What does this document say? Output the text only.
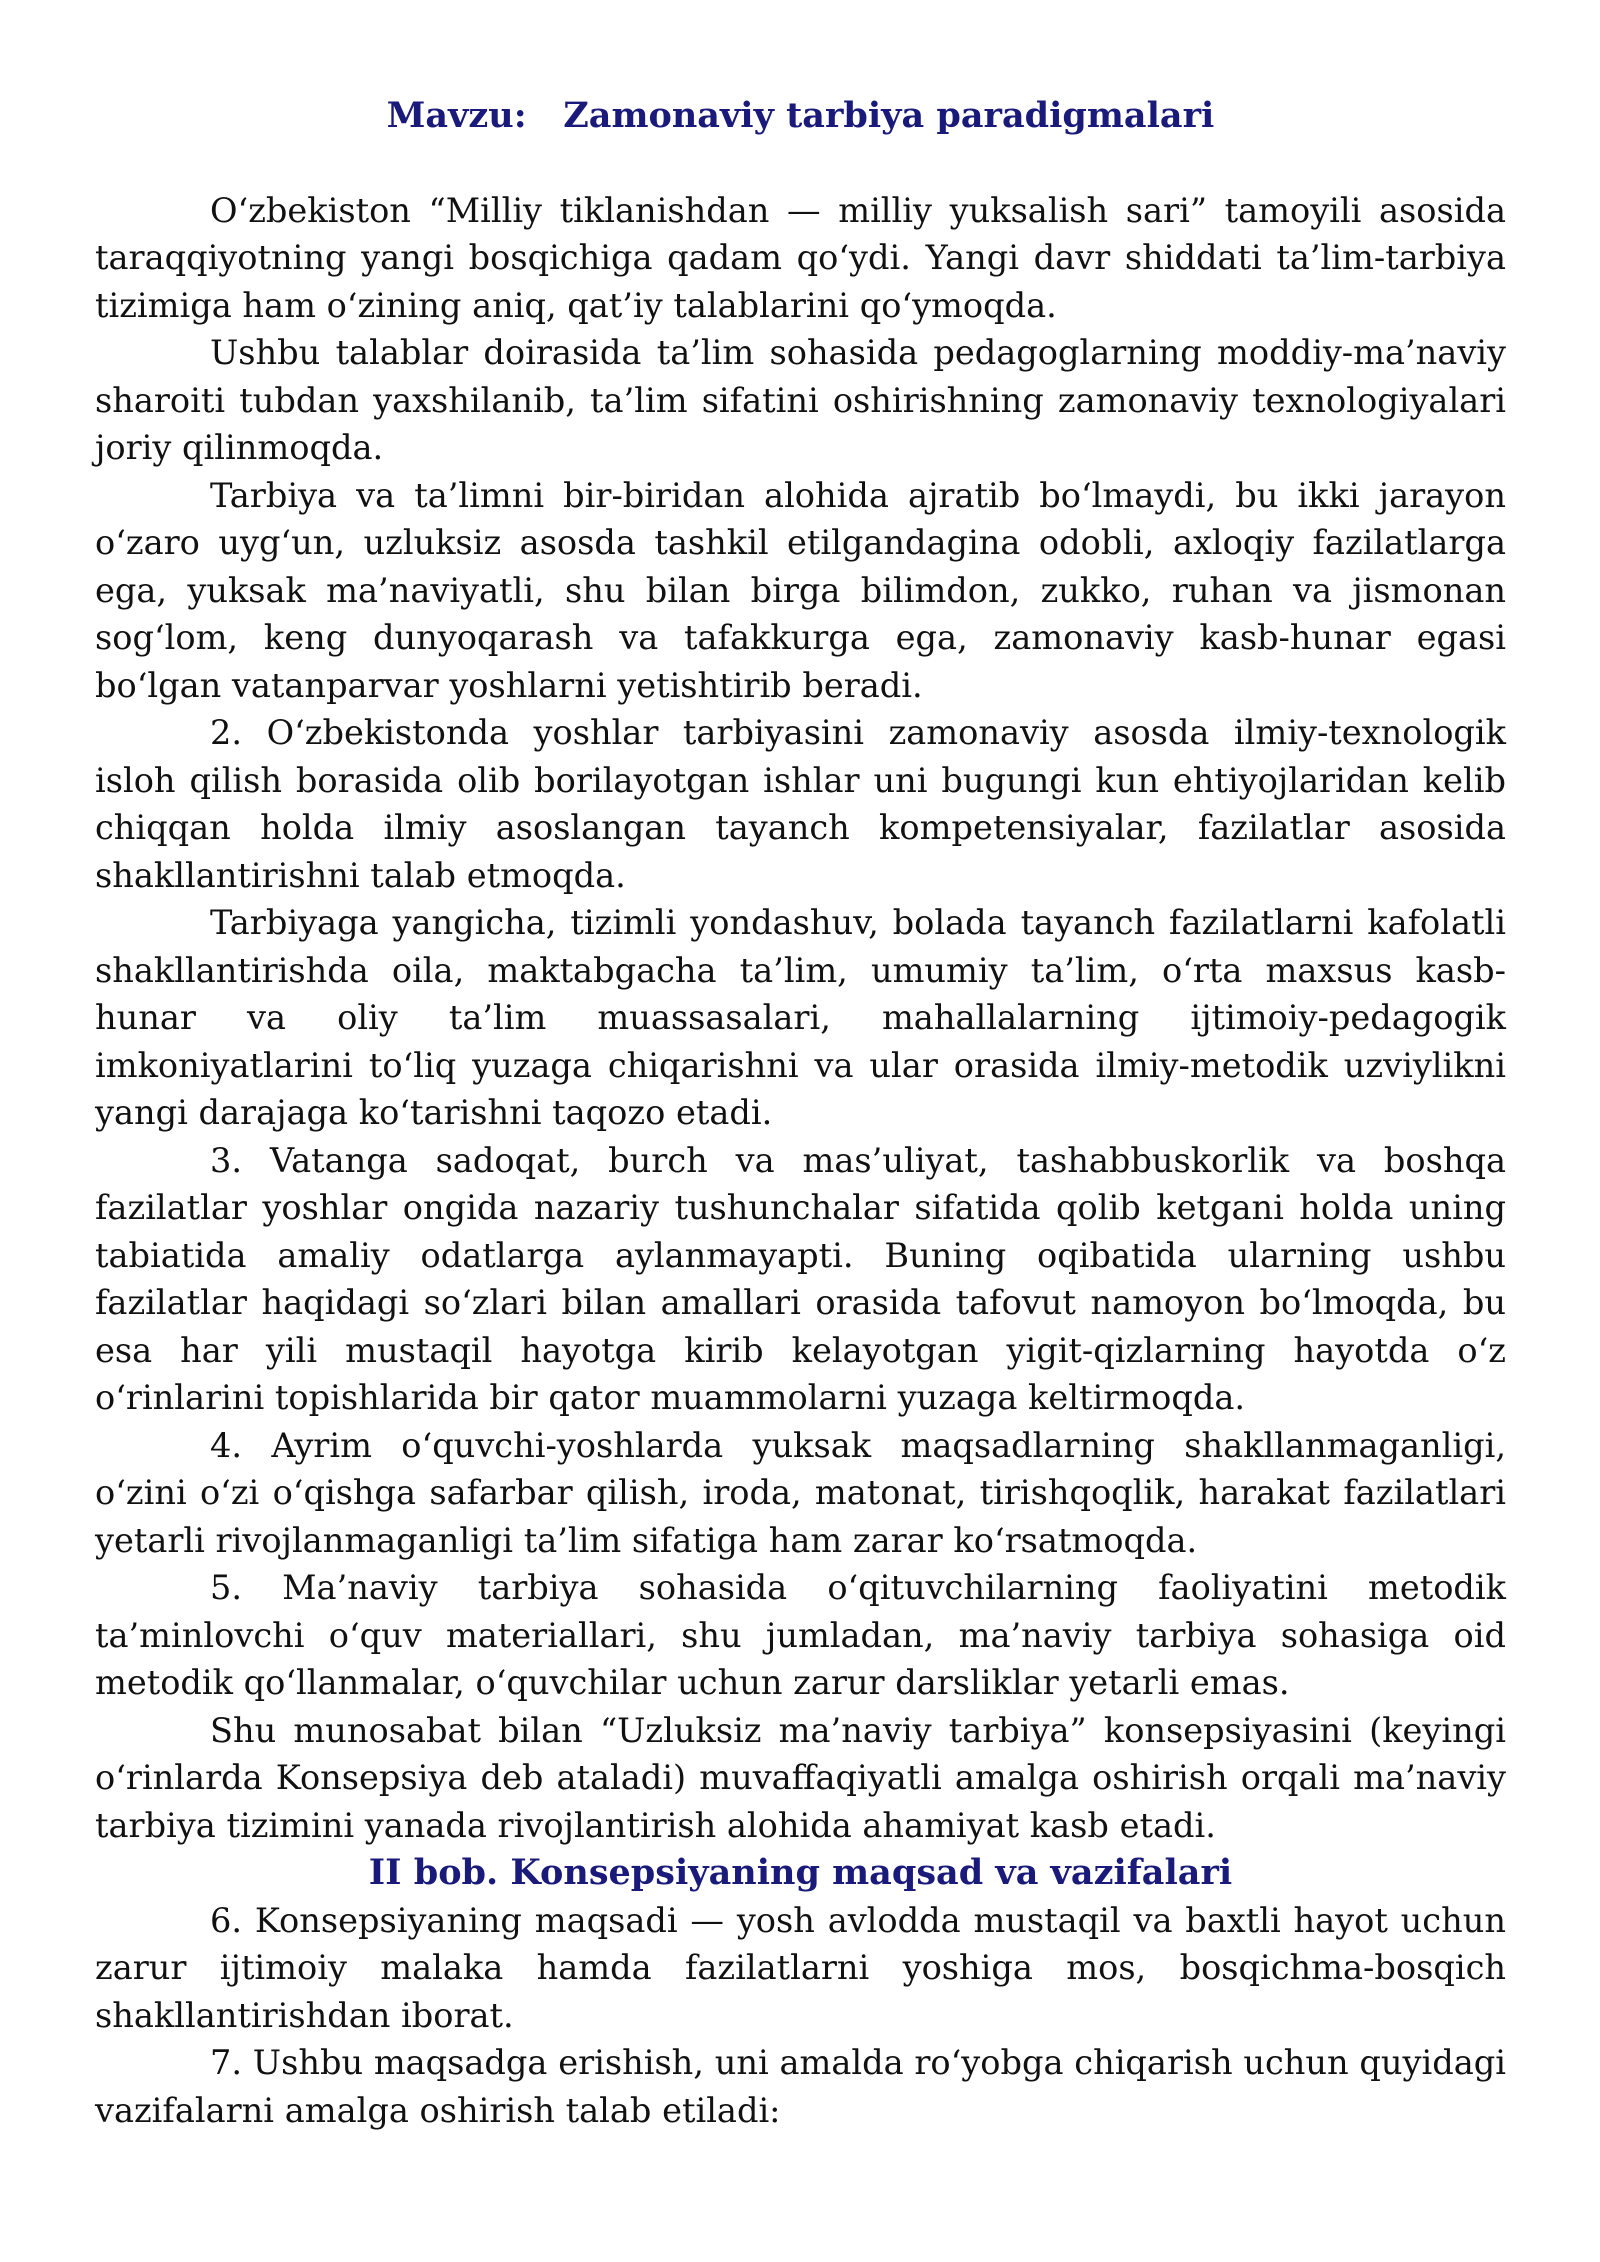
Mavzu:   Zamonaviy tarbiya paradigmalari

O‘zbekiston “Milliy tiklanishdan — milliy yuksalish sari” tamoyili asosida taraqqiyotning yangi bosqichiga qadam qo‘ydi. Yangi davr shiddati ta’lim-tarbiya tizimiga ham o‘zining aniq, qat’iy talablarini qo‘ymoqda.

Ushbu talablar doirasida ta’lim sohasida pedagoglarning moddiy-ma’naviy sharoiti tubdan yaxshilanib, ta’lim sifatini oshirishning zamonaviy texnologiyalari joriy qilinmoqda.

Tarbiya va ta’limni bir-biridan alohida ajratib bo‘lmaydi, bu ikki jarayon o‘zaro uyg‘un, uzluksiz asosda tashkil etilgandagina odobli, axloqiy fazilatlarga ega, yuksak ma’naviyatli, shu bilan birga bilimdon, zukko, ruhan va jismonan sog‘lom, keng dunyoqarash va tafakkurga ega, zamonaviy kasb-hunar egasi bo‘lgan vatanparvar yoshlarni yetishtirib beradi.

2. O‘zbekistonda yoshlar tarbiyasini zamonaviy asosda ilmiy-texnologik isloh qilish borasida olib borilayotgan ishlar uni bugungi kun ehtiyojlaridan kelib chiqqan holda ilmiy asoslangan tayanch kompetensiyalar, fazilatlar asosida shakllantirishni talab etmoqda.

Tarbiyaga yangicha, tizimli yondashuv, bolada tayanch fazilatlarni kafolatli shakllantirishda oila, maktabgacha ta’lim, umumiy ta’lim, o‘rta maxsus kasb-hunar va oliy ta’lim muassasalari, mahallalarning ijtimoiy-pedagogik imkoniyatlarini to‘liq yuzaga chiqarishni va ular orasida ilmiy-metodik uzviylikni yangi darajaga ko‘tarishni taqozo etadi.

3. Vatanga sadoqat, burch va mas’uliyat, tashabbuskorlik va boshqa fazilatlar yoshlar ongida nazariy tushunchalar sifatida qolib ketgani holda uning tabiatida amaliy odatlarga aylanmayapti. Buning oqibatida ularning ushbu fazilatlar haqidagi so‘zlari bilan amallari orasida tafovut namoyon bo‘lmoqda, bu esa har yili mustaqil hayotga kirib kelayotgan yigit-qizlarning hayotda o‘z o‘rinlarini topishlarida bir qator muammolarni yuzaga keltirmoqda.

4. Ayrim o‘quvchi-yoshlarda yuksak maqsadlarning shakllanmaganligi, o‘zini o‘zi o‘qishga safarbar qilish, iroda, matonat, tirishqoqlik, harakat fazilatlari yetarli rivojlanmaganligi ta’lim sifatiga ham zarar ko‘rsatmoqda.

5. Ma’naviy tarbiya sohasida o‘qituvchilarning faoliyatini metodik ta’minlovchi o‘quv materiallari, shu jumladan, ma’naviy tarbiya sohasiga oid metodik qo‘llanmalar, o‘quvchilar uchun zarur darsliklar yetarli emas.

Shu munosabat bilan “Uzluksiz ma’naviy tarbiya” konsepsiyasini (keyingi o‘rinlarda Konsepsiya deb ataladi) muvaffaqiyatli amalga oshirish orqali ma’naviy tarbiya tizimini yanada rivojlantirish alohida ahamiyat kasb etadi.

II bob. Konsepsiyaning maqsad va vazifalari

6. Konsepsiyaning maqsadi — yosh avlodda mustaqil va baxtli hayot uchun zarur ijtimoiy malaka hamda fazilatlarni yoshiga mos, bosqichma-bosqich shakllantirishdan iborat.

7. Ushbu maqsadga erishish, uni amalda ro‘yobga chiqarish uchun quyidagi vazifalarni amalga oshirish talab etiladi:
